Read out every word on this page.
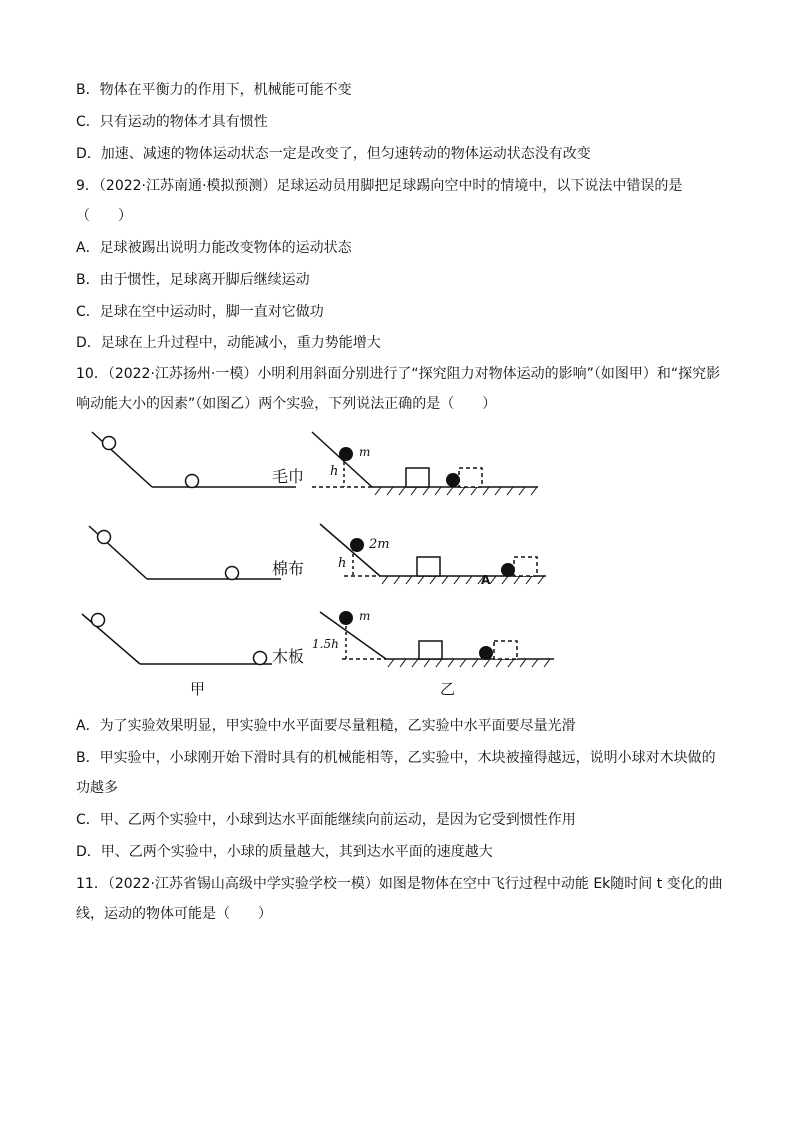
B．物体在平衡力的作用下，机械能可能不变
C．只有运动的物体才具有惯性
D．加速、减速的物体运动状态一定是改变了，但匀速转动的物体运动状态没有改变
9．（2022·江苏南通·模拟预测）足球运动员用脚把足球踢向空中时的情境中，以下说法中错误的是
（　　）
A．足球被踢出说明力能改变物体的运动状态
B．由于惯性，足球离开脚后继续运动
C．足球在空中运动时，脚一直对它做功
D．足球在上升过程中，动能减小，重力势能增大
10．（2022·江苏扬州·一模）小明利用斜面分别进行了“探究阻力对物体运动的影响”（如图甲）和“探究影
响动能大小的因素”（如图乙）两个实验，下列说法正确的是（　　）
毛巾
棉布
木板
m
h
2m
h
A
m
1.5h
甲	乙
A．为了实验效果明显，甲实验中水平面要尽量粗糙，乙实验中水平面要尽量光滑
B．甲实验中，小球刚开始下滑时具有的机械能相等，乙实验中，木块被撞得越远，说明小球对木块做的
功越多
C．甲、乙两个实验中，小球到达水平面能继续向前运动，是因为它受到惯性作用
D．甲、乙两个实验中，小球的质量越大，其到达水平面的速度越大
11．（2022·江苏省锡山高级中学实验学校一模）如图是物体在空中飞行过程中动能 Ek随时间 t 变化的曲
线，运动的物体可能是（　　）
